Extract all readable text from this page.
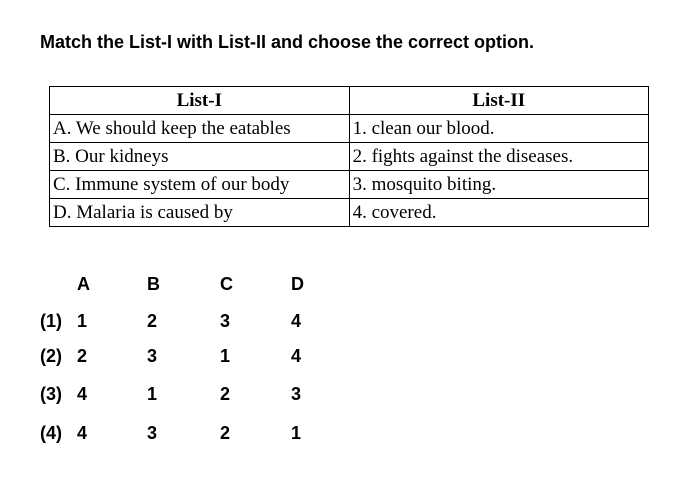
Match the List-I with List-II and choose the correct option.
List-I	List-II
A. We should keep the eatables	1. clean our blood.
B. Our kidneys	2. fights against the diseases.
C. Immune system of our body	3. mosquito biting.
D. Malaria is caused by	4. covered.
A	B	C	D
(1) 1	2	3	4
(2) 2	3	1	4
(3) 4	1	2	3
(4) 4	3	2	1
